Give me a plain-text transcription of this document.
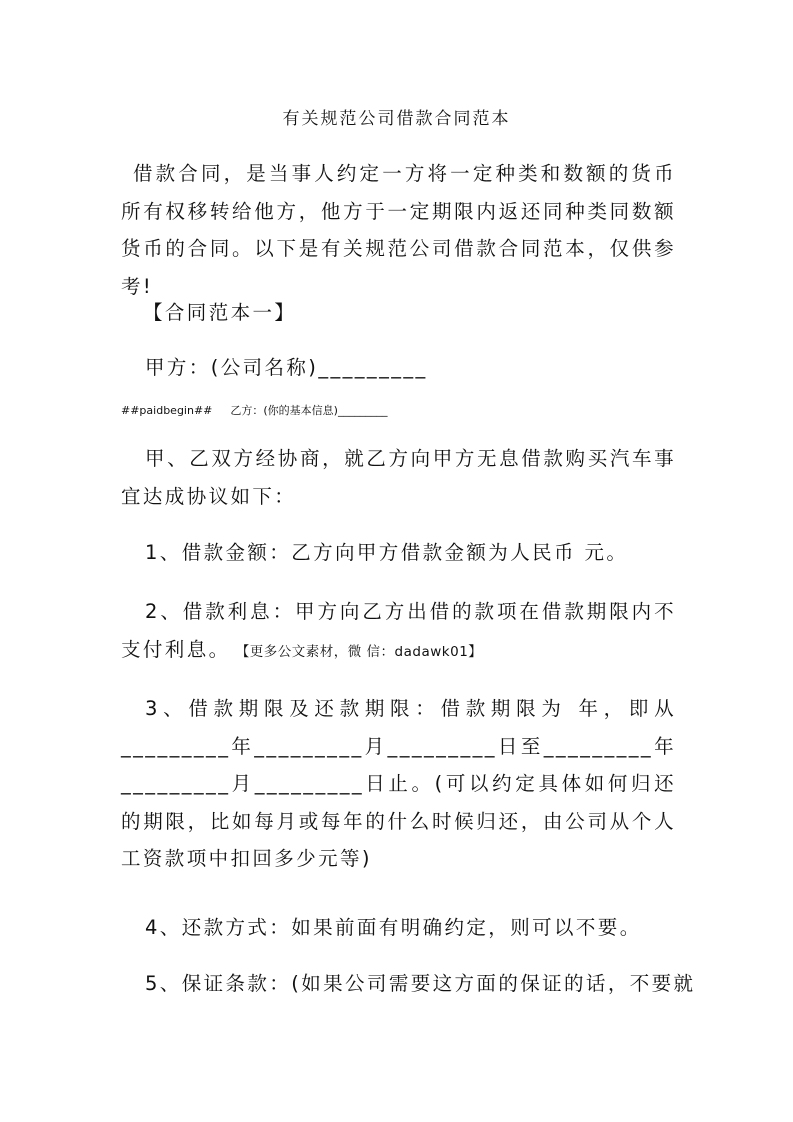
有关规范公司借款合同范本
借款合同，是当事人约定一方将一定种类和数额的货币所有权移转给他方，他方于一定期限内返还同种类同数额货币的合同。以下是有关规范公司借款合同范本，仅供参考!
【合同范本一】
甲方：(公司名称)_________
##paidbegin## 乙方：(你的基本信息)_________
甲、乙双方经协商，就乙方向甲方无息借款购买汽车事宜达成协议如下：
1、借款金额：乙方向甲方借款金额为人民币 元。
2、借款利息：甲方向乙方出借的款项在借款期限内不支付利息。 【更多公文素材，微 信：dadawk01】
3、借款期限及还款期限：借款期限为 年，即从 _________年_________月_________日至_________年_________月_________日止。(可以约定具体如何归还的期限，比如每月或每年的什么时候归还，由公司从个人工资款项中扣回多少元等)
4、还款方式：如果前面有明确约定，则可以不要。
5、保证条款：(如果公司需要这方面的保证的话，不要就
